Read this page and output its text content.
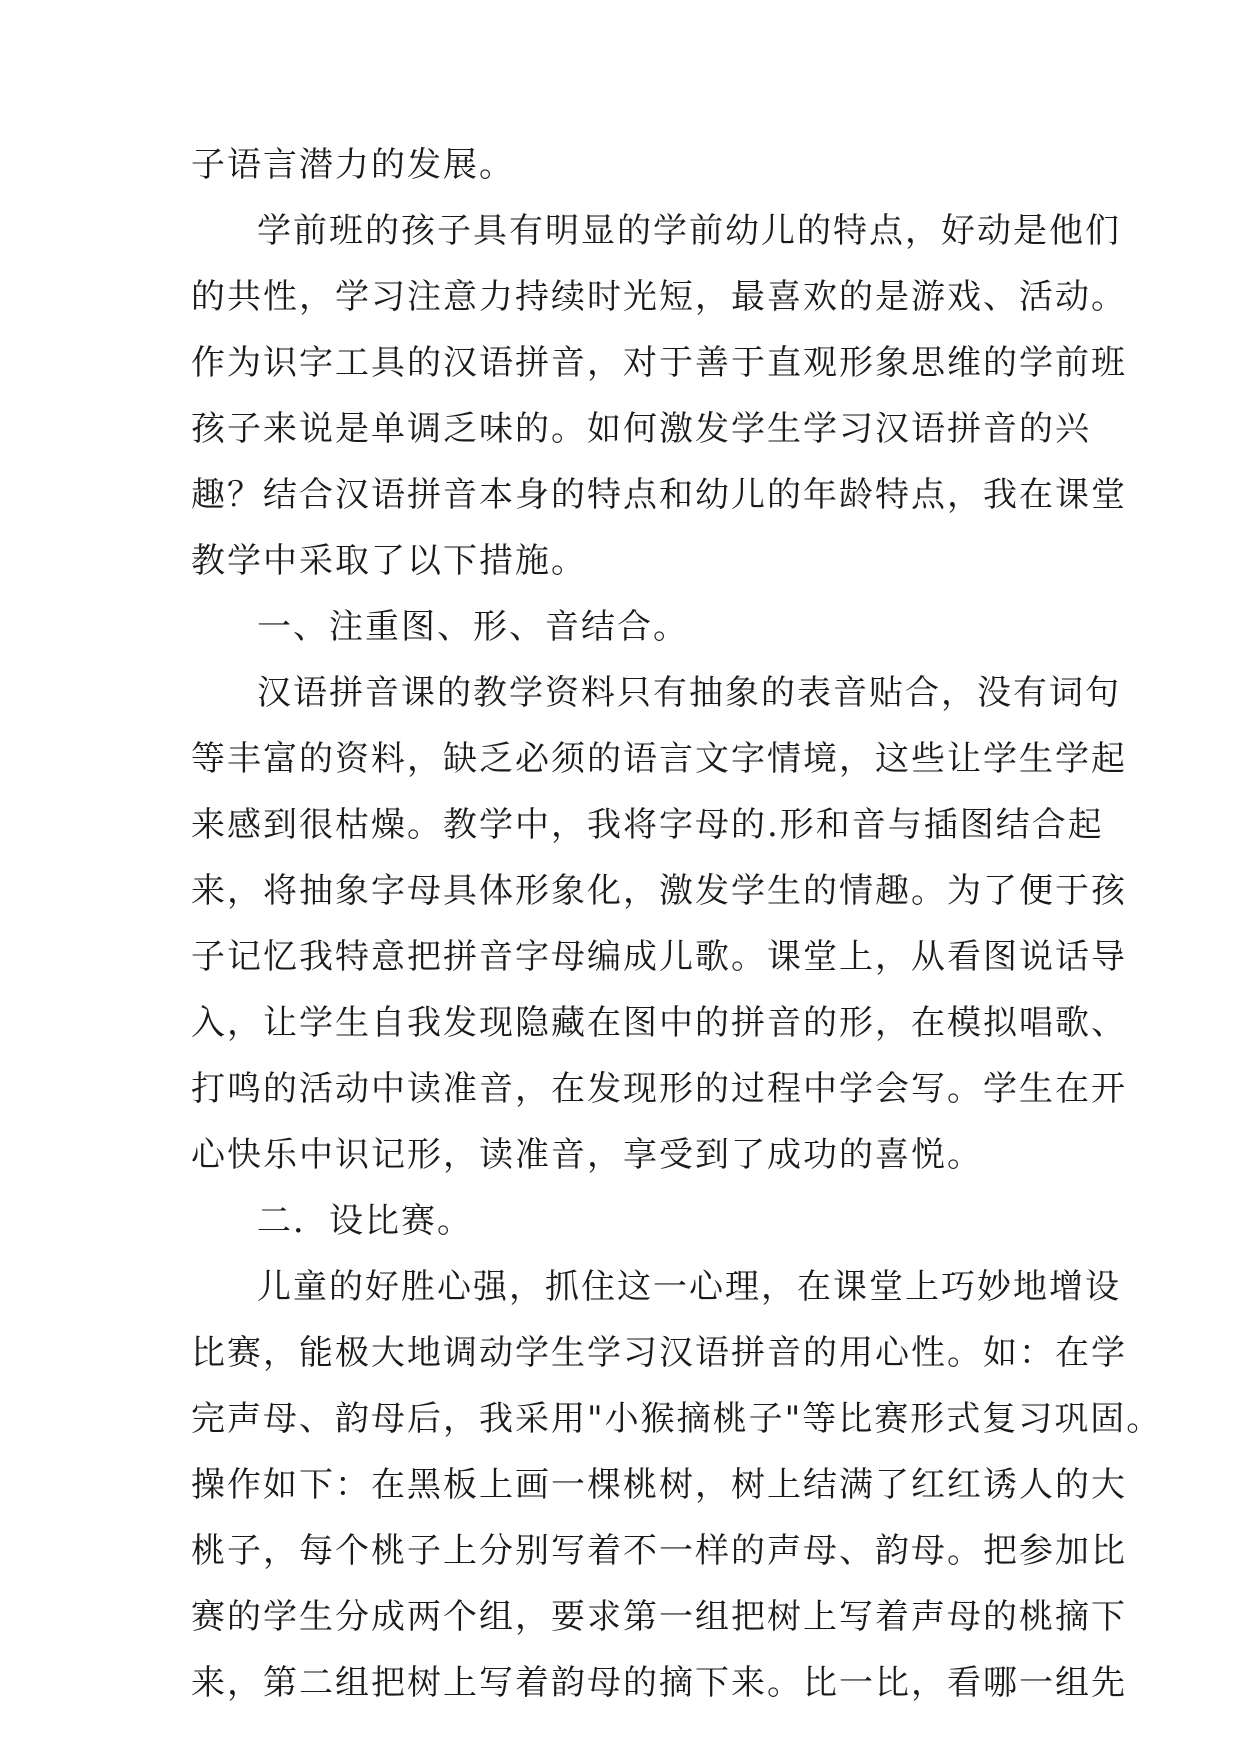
子语言潜力的发展。
学前班的孩子具有明显的学前幼儿的特点，好动是他们
的共性，学习注意力持续时光短，最喜欢的是游戏、活动。
作为识字工具的汉语拼音，对于善于直观形象思维的学前班
孩子来说是单调乏味的。如何激发学生学习汉语拼音的兴
趣？结合汉语拼音本身的特点和幼儿的年龄特点，我在课堂
教学中采取了以下措施。
一、注重图、形、音结合。
汉语拼音课的教学资料只有抽象的表音贴合，没有词句
等丰富的资料，缺乏必须的语言文字情境，这些让学生学起
来感到很枯燥。教学中，我将字母的.形和音与插图结合起
来，将抽象字母具体形象化，激发学生的情趣。为了便于孩
子记忆我特意把拼音字母编成儿歌。课堂上，从看图说话导
入，让学生自我发现隐藏在图中的拼音的形，在模拟唱歌、
打鸣的活动中读准音，在发现形的过程中学会写。学生在开
心快乐中识记形，读准音，享受到了成功的喜悦。
二．设比赛。
儿童的好胜心强，抓住这一心理，在课堂上巧妙地增设
比赛，能极大地调动学生学习汉语拼音的用心性。如：在学
完声母、韵母后，我采用"小猴摘桃子"等比赛形式复习巩固。
操作如下：在黑板上画一棵桃树，树上结满了红红诱人的大
桃子，每个桃子上分别写着不一样的声母、韵母。把参加比
赛的学生分成两个组，要求第一组把树上写着声母的桃摘下
来，第二组把树上写着韵母的摘下来。比一比，看哪一组先
